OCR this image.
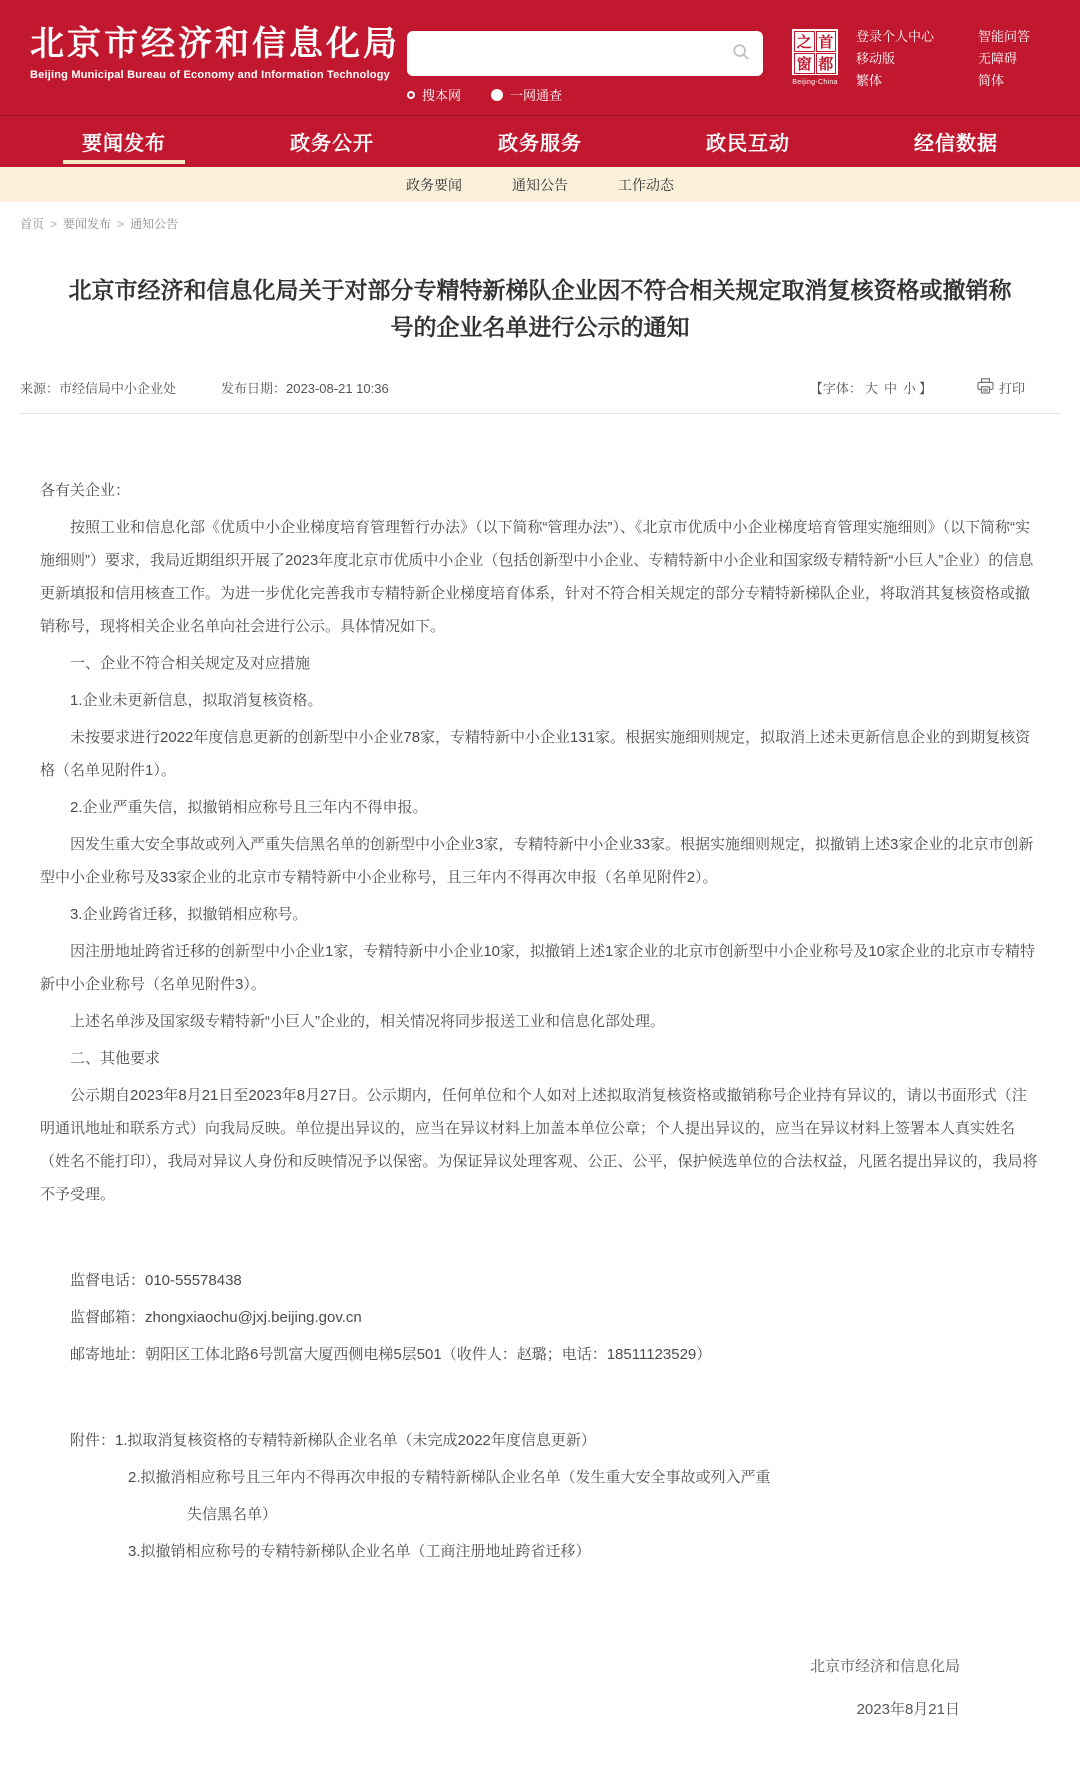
北京市经济和信息化局
Beijing Municipal Bureau of Economy and Information Technology
搜本网	一网通查
之 首
窗 都
Beijing-China
登录个人中心
移动版
繁体
智能问答
无障碍
简体
要闻发布	政务公开	政务服务	政民互动	经信数据
政务要闻	通知公告	工作动态
首页 > 要闻发布 > 通知公告
北京市经济和信息化局关于对部分专精特新梯队企业因不符合相关规定取消复核资格或撤销称号的企业名单进行公示的通知
来源：市经信局中小企业处	发布日期：2023-08-21 10:36	【字体： 大 中 小 】	打印
各有关企业：
按照工业和信息化部《优质中小企业梯度培育管理暂行办法》（以下简称“管理办法”）、《北京市优质中小企业梯度培育管理实施细则》（以下简称“实施细则”）要求，我局近期组织开展了2023年度北京市优质中小企业（包括创新型中小企业、专精特新中小企业和国家级专精特新“小巨人”企业）的信息更新填报和信用核查工作。为进一步优化完善我市专精特新企业梯度培育体系，针对不符合相关规定的部分专精特新梯队企业，将取消其复核资格或撤销称号，现将相关企业名单向社会进行公示。具体情况如下。
一、企业不符合相关规定及对应措施
1.企业未更新信息，拟取消复核资格。
未按要求进行2022年度信息更新的创新型中小企业78家，专精特新中小企业131家。根据实施细则规定，拟取消上述未更新信息企业的到期复核资格（名单见附件1）。
2.企业严重失信，拟撤销相应称号且三年内不得申报。
因发生重大安全事故或列入严重失信黑名单的创新型中小企业3家，专精特新中小企业33家。根据实施细则规定，拟撤销上述3家企业的北京市创新型中小企业称号及33家企业的北京市专精特新中小企业称号，且三年内不得再次申报（名单见附件2）。
3.企业跨省迁移，拟撤销相应称号。
因注册地址跨省迁移的创新型中小企业1家，专精特新中小企业10家，拟撤销上述1家企业的北京市创新型中小企业称号及10家企业的北京市专精特新中小企业称号（名单见附件3）。
上述名单涉及国家级专精特新“小巨人”企业的，相关情况将同步报送工业和信息化部处理。
二、其他要求
公示期自2023年8月21日至2023年8月27日。公示期内，任何单位和个人如对上述拟取消复核资格或撤销称号企业持有异议的，请以书面形式（注明通讯地址和联系方式）向我局反映。单位提出异议的，应当在异议材料上加盖本单位公章；个人提出异议的，应当在异议材料上签署本人真实姓名（姓名不能打印），我局对异议人身份和反映情况予以保密。为保证异议处理客观、公正、公平，保护候选单位的合法权益，凡匿名提出异议的，我局将不予受理。
监督电话：010-55578438
监督邮箱：zhongxiaochu@jxj.beijing.gov.cn
邮寄地址：朝阳区工体北路6号凯富大厦西侧电梯5层501（收件人：赵璐；电话：18511123529）
附件：1.拟取消复核资格的专精特新梯队企业名单（未完成2022年度信息更新）
2.拟撤消相应称号且三年内不得再次申报的专精特新梯队企业名单（发生重大安全事故或列入严重
失信黑名单）
3.拟撤销相应称号的专精特新梯队企业名单（工商注册地址跨省迁移）
北京市经济和信息化局
2023年8月21日
